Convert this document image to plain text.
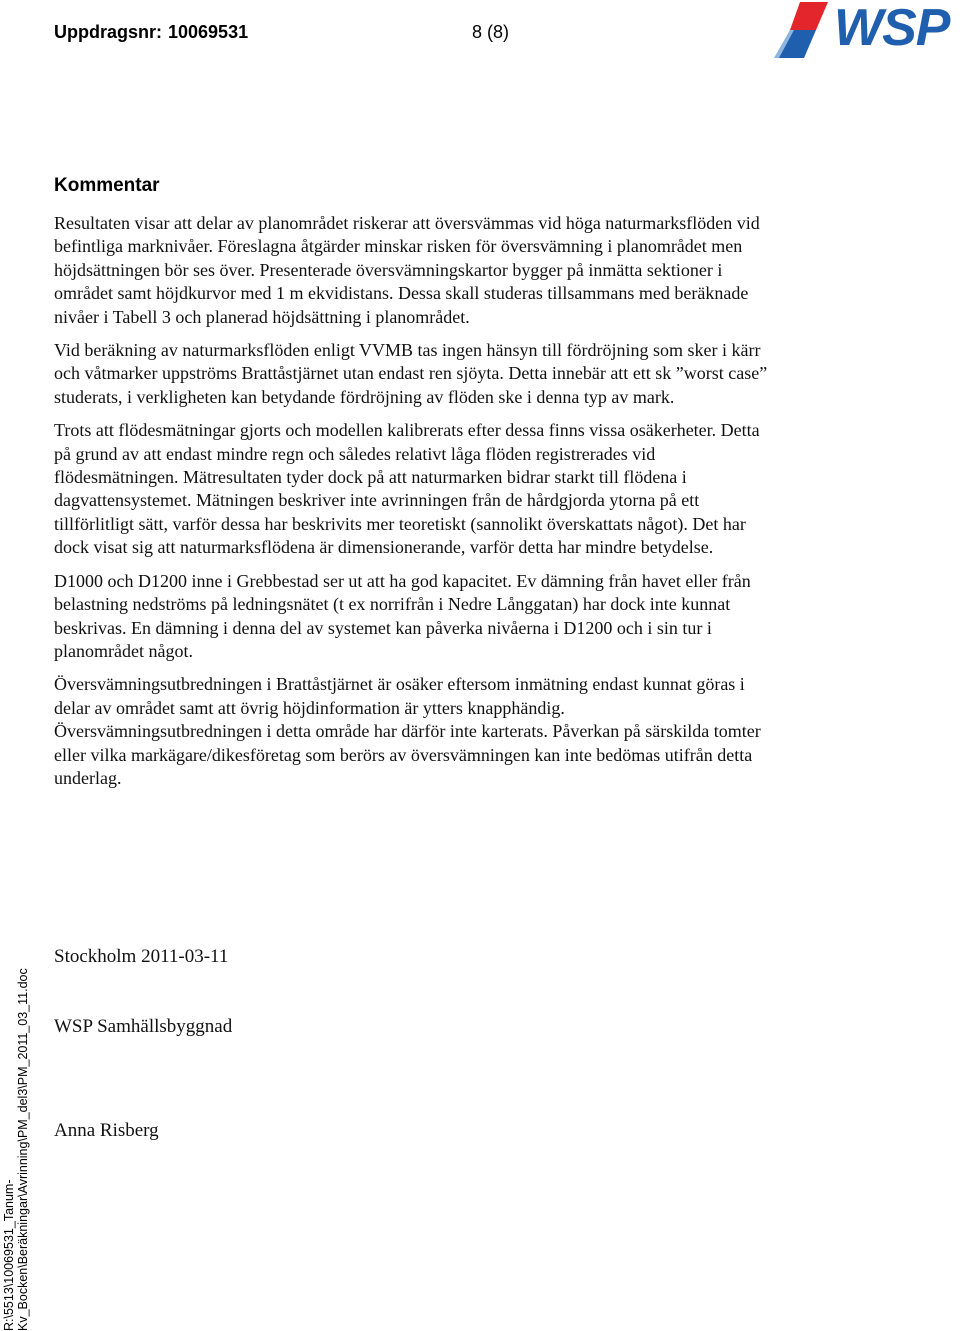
Uppdragsnr: 10069531	8 (8)	WSP
Kommentar

Resultaten visar att delar av planområdet riskerar att översvämmas vid höga naturmarksflöden vid befintliga marknivåer. Föreslagna åtgärder minskar risken för översvämning i planområdet men höjdsättningen bör ses över. Presenterade översvämningskartor bygger på inmätta sektioner i området samt höjdkurvor med 1 m ekvidistans. Dessa skall studeras tillsammans med beräknade nivåer i Tabell 3 och planerad höjdsättning i planområdet.

Vid beräkning av naturmarksflöden enligt VVMB tas ingen hänsyn till fördröjning som sker i kärr och våtmarker uppströms Brattåstjärnet utan endast ren sjöyta. Detta innebär att ett sk ”worst case” studerats, i verkligheten kan betydande fördröjning av flöden ske i denna typ av mark.

Trots att flödesmätningar gjorts och modellen kalibrerats efter dessa finns vissa osäkerheter. Detta på grund av att endast mindre regn och således relativt låga flöden registrerades vid flödesmätningen. Mätresultaten tyder dock på att naturmarken bidrar starkt till flödena i dagvattensystemet. Mätningen beskriver inte avrinningen från de hårdgjorda ytorna på ett tillförlitligt sätt, varför dessa har beskrivits mer teoretiskt (sannolikt överskattats något). Det har dock visat sig att naturmarksflödena är dimensionerande, varför detta har mindre betydelse.

D1000 och D1200 inne i Grebbestad ser ut att ha god kapacitet. Ev dämning från havet eller från belastning nedströms på ledningsnätet (t ex norrifrån i Nedre Långgatan) har dock inte kunnat beskrivas. En dämning i denna del av systemet kan påverka nivåerna i D1200 och i sin tur i planområdet något.

Översvämningsutbredningen i Brattåstjärnet är osäker eftersom inmätning endast kunnat göras i delar av området samt att övrig höjdinformation är ytters knapphändig. Översvämningsutbredningen i detta område har därför inte karterats. Påverkan på särskilda tomter eller vilka markägare/dikesföretag som berörs av översvämningen kan inte bedömas utifrån detta underlag.

Stockholm 2011-03-11
WSP Samhällsbyggnad
Anna Risberg
R:\5513\10069531_Tanum- Kv_Bocken\Beräkningar\Avrinning\PM_del3\PM_2011_03_11.doc
